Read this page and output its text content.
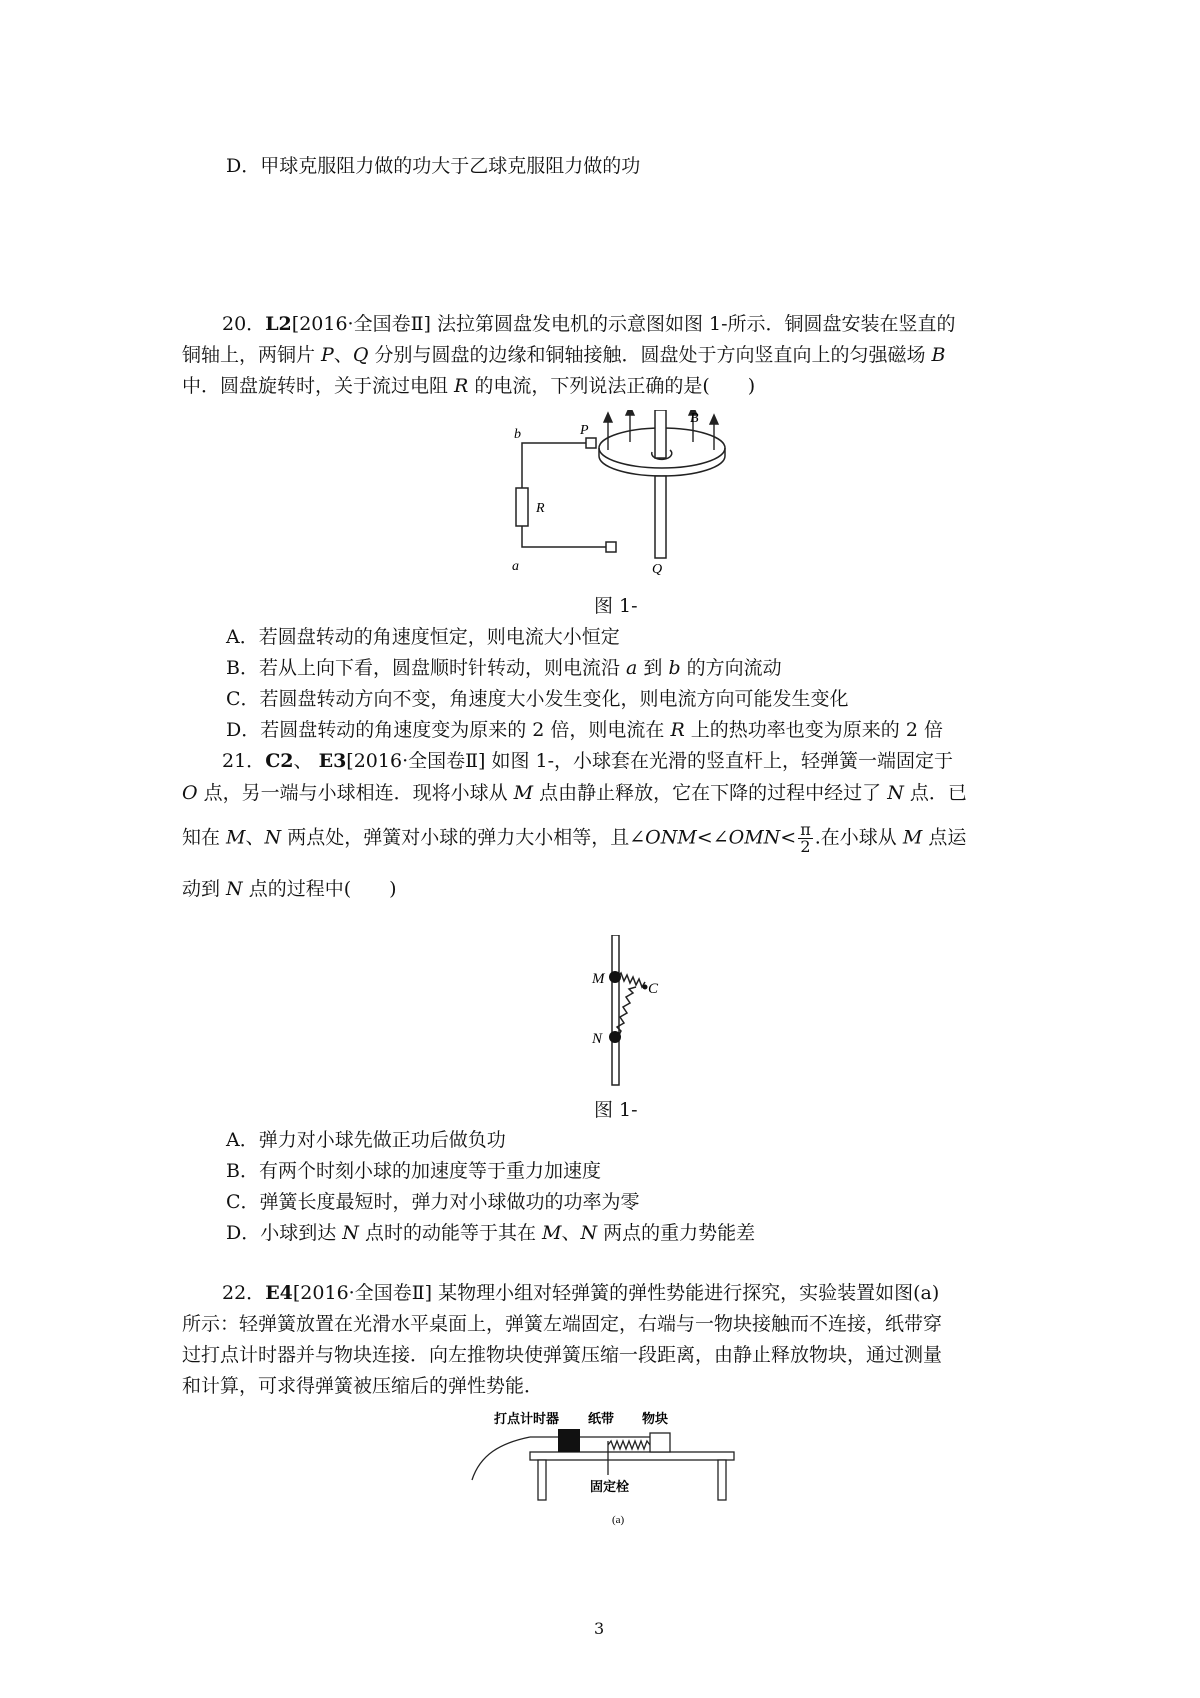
D．甲球克服阻力做的功大于乙球克服阻力做的功
20．L2[2016·全国卷Ⅱ] 法拉第圆盘发电机的示意图如图 1-所示．铜圆盘安装在竖直的
铜轴上，两铜片 P、Q 分别与圆盘的边缘和铜轴接触．圆盘处于方向竖直向上的匀强磁场 B
中．圆盘旋转时，关于流过电阻 R 的电流，下列说法正确的是(　　)
b	P
B
R
a	Q
图 1-
A．若圆盘转动的角速度恒定，则电流大小恒定
B．若从上向下看，圆盘顺时针转动，则电流沿 a 到 b 的方向流动
C．若圆盘转动方向不变，角速度大小发生变化，则电流方向可能发生变化
D．若圆盘转动的角速度变为原来的 2 倍，则电流在 R 上的热功率也变为原来的 2 倍
21．C2、 E3[2016·全国卷Ⅱ] 如图 1-，小球套在光滑的竖直杆上，轻弹簧一端固定于
O 点，另一端与小球相连．现将小球从 M 点由静止释放，它在下降的过程中经过了 N 点．已
知在 M、N 两点处，弹簧对小球的弹力大小相等，且∠ONM<∠OMN< $\frac{\pi}{2}$ .在小球从 M 点运
动到 N 点的过程中(　　)
M
C
N
图 1-
A．弹力对小球先做正功后做负功
B．有两个时刻小球的加速度等于重力加速度
C．弹簧长度最短时，弹力对小球做功的功率为零
D．小球到达 N 点时的动能等于其在 M、N 两点的重力势能差
22．E4[2016·全国卷Ⅱ] 某物理小组对轻弹簧的弹性势能进行探究，实验装置如图(a)
所示：轻弹簧放置在光滑水平桌面上，弹簧左端固定，右端与一物块接触而不连接，纸带穿
过打点计时器并与物块连接．向左推物块使弹簧压缩一段距离，由静止释放物块，通过测量
和计算，可求得弹簧被压缩后的弹性势能．
打点计时器 纸带 物块
固定栓
(a)
3
